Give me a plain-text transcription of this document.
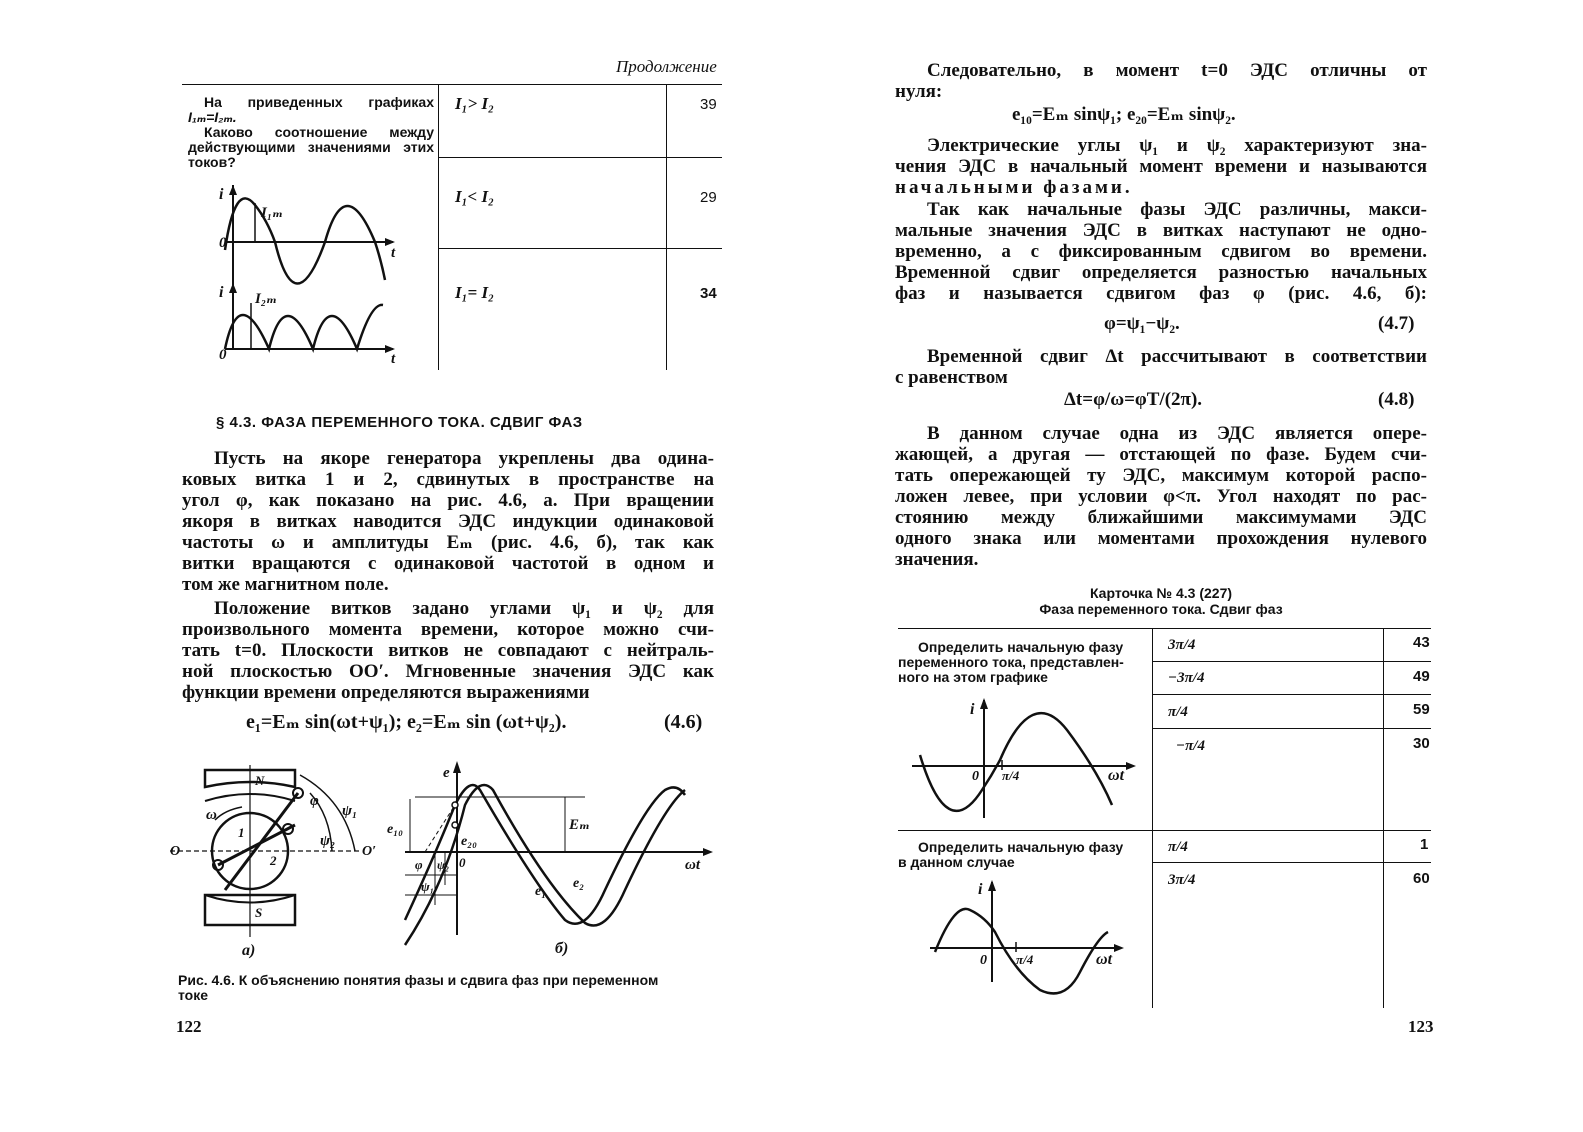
Продолжение
На приведенных графиках
I₁ₘ=I₂ₘ.
Каково соотношение между
действующими значениями этих
токов?
I₁> I₂	39
I₁< I₂	29
I₁= I₂	34
i
I₁ₘ
0
t
i I₂ₘ
0	t
§ 4.3. ФАЗА ПЕРЕМЕННОГО ТОКА. СДВИГ ФАЗ
Пусть на якоре генератора укреплены два одина-
ковых витка 1 и 2, сдвинутых в пространстве на
угол φ, как показано на рис. 4.6, а. При вращении
якоря в витках наводится ЭДС индукции одинаковой
частоты ω и амплитуды Eₘ (рис. 4.6, б), так как
витки вращаются с одинаковой частотой в одном и
том же магнитном поле.
Положение витков задано углами ψ₁ и ψ₂ для
произвольного момента времени, которое можно счи-
тать t=0. Плоскости витков не совпадают с нейтраль-
ной плоскостью OO′. Мгновенные значения ЭДС как
функции времени определяются выражениями
e₁=Eₘ sin(ωt+ψ₁); e₂=Eₘ sin (ωt+ψ₂).	(4.6)
N
S
O	O′
ω
φ
ψ₁
ψ₂
1
2
а)
e
e₁₀
e₂₀
Eₘ
0	ωt
e₁
e₂
φ ψ₂
ψ₁
б)
Рис. 4.6. К объяснению понятия фазы и сдвига фаз при переменном
токе
122
Следовательно, в момент t=0 ЭДС отличны от
нуля:
e₁₀=Eₘ sinψ₁; e₂₀=Eₘ sinψ₂.
Электрические углы ψ₁ и ψ₂ характеризуют зна-
чения ЭДС в начальный момент времени и называются
начальными фазами.
Так как начальные фазы ЭДС различны, макси-
мальные значения ЭДС в витках наступают не одно-
временно, а с фиксированным сдвигом во времени.
Временной сдвиг определяется разностью начальных
фаз и называется сдвигом фаз φ (рис. 4.6, б):
φ=ψ₁−ψ₂.	(4.7)
Временной сдвиг Δt рассчитывают в соответствии
с равенством
Δt=φ/ω=φT/(2π).	(4.8)
В данном случае одна из ЭДС является опере-
жающей, а другая — отстающей по фазе. Будем счи-
тать опережающей ту ЭДС, максимум которой распо-
ложен левее, при условии φ<π. Угол находят по рас-
стоянию между ближайшими максимумами ЭДС
одного знака или моментами прохождения нулевого
значения.
Карточка № 4.3 (227)
Фаза переменного тока. Сдвиг фаз
Определить начальную фазу
переменного тока, представлен-
ного на этом графике
3π/4	43
−3π/4	49
π/4	59
−π/4	30
i
0 π/4	ωt
Определить начальную фазу
в данном случае
π/4	1
3π/4	60
i
0 π/4	ωt
123
